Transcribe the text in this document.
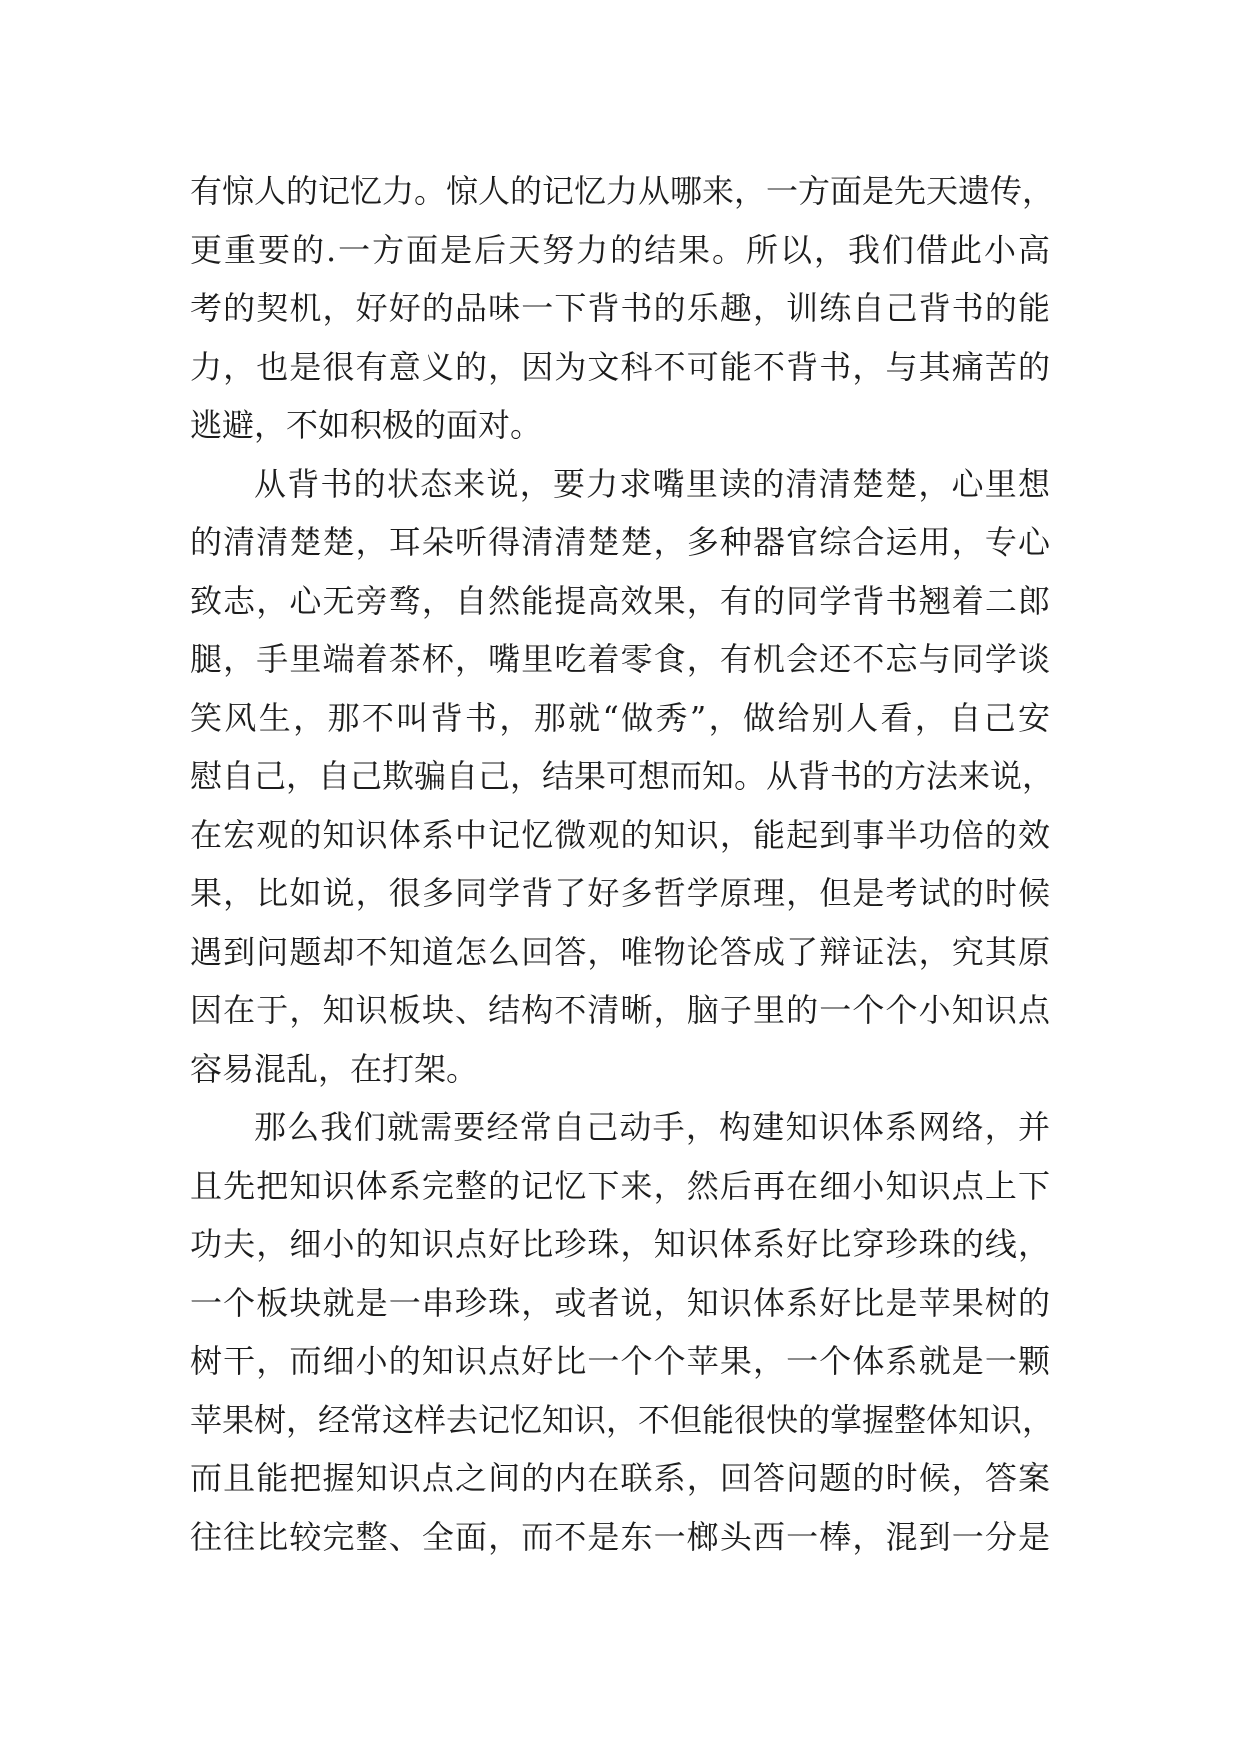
有惊人的记忆力。惊人的记忆力从哪来，一方面是先天遗传，
更重要的.一方面是后天努力的结果。所以，我们借此小高
考的契机，好好的品味一下背书的乐趣，训练自己背书的能
力，也是很有意义的，因为文科不可能不背书，与其痛苦的
逃避，不如积极的面对。
从背书的状态来说，要力求嘴里读的清清楚楚，心里想
的清清楚楚，耳朵听得清清楚楚，多种器官综合运用，专心
致志，心无旁骛，自然能提高效果，有的同学背书翘着二郎
腿，手里端着茶杯，嘴里吃着零食，有机会还不忘与同学谈
笑风生，那不叫背书，那就“做秀”，做给别人看，自己安
慰自己，自己欺骗自己，结果可想而知。从背书的方法来说，
在宏观的知识体系中记忆微观的知识，能起到事半功倍的效
果，比如说，很多同学背了好多哲学原理，但是考试的时候
遇到问题却不知道怎么回答，唯物论答成了辩证法，究其原
因在于，知识板块、结构不清晰，脑子里的一个个小知识点
容易混乱，在打架。
那么我们就需要经常自己动手，构建知识体系网络，并
且先把知识体系完整的记忆下来，然后再在细小知识点上下
功夫，细小的知识点好比珍珠，知识体系好比穿珍珠的线，
一个板块就是一串珍珠，或者说，知识体系好比是苹果树的
树干，而细小的知识点好比一个个苹果，一个体系就是一颗
苹果树，经常这样去记忆知识，不但能很快的掌握整体知识，
而且能把握知识点之间的内在联系，回答问题的时候，答案
往往比较完整、全面，而不是东一榔头西一棒，混到一分是
